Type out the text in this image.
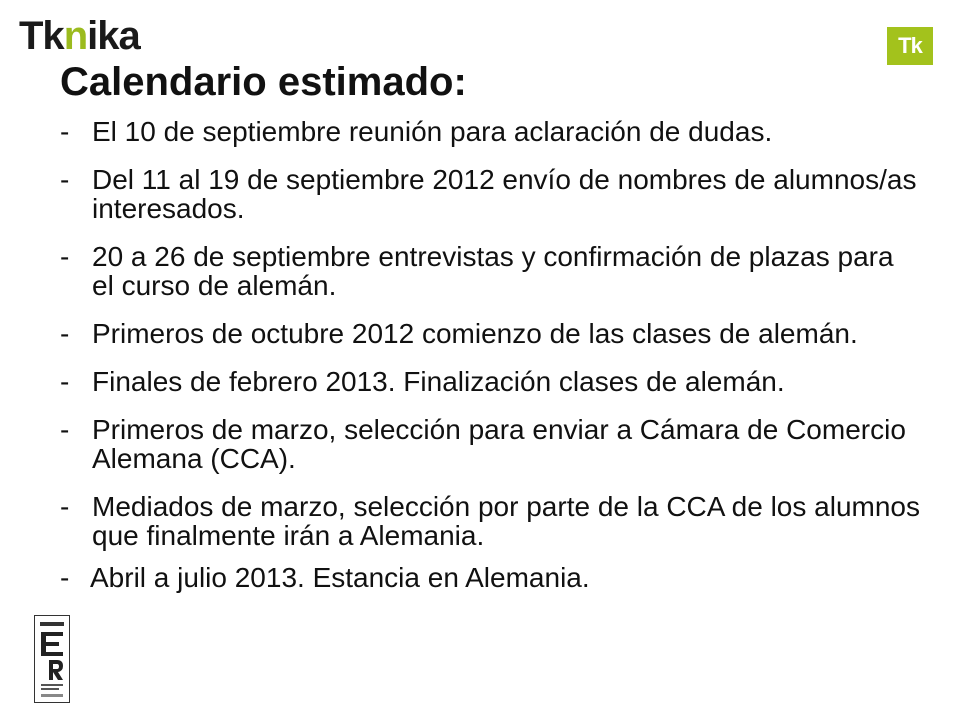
Tknika	Tk
Calendario estimado:
- El 10 de septiembre reunión para aclaración de dudas.
- Del 11 al 19 de septiembre 2012 envío de nombres de alumnos/as interesados.
- 20 a 26 de septiembre entrevistas y confirmación de plazas para el curso de alemán.
- Primeros de octubre 2012 comienzo de las clases de alemán.
- Finales de febrero 2013. Finalización clases de alemán.
- Primeros de marzo, selección para enviar a Cámara de Comercio Alemana (CCA).
- Mediados de marzo, selección por parte de la CCA de los alumnos que finalmente irán a Alemania.
- Abril a julio 2013. Estancia en Alemania.
